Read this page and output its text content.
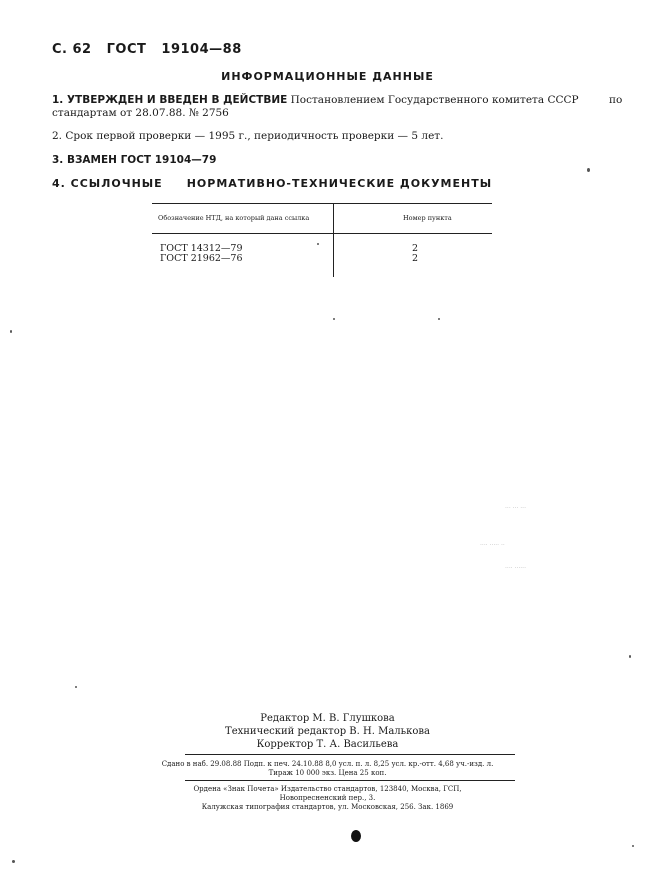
С. 62 ГОСТ 19104—88
ИНФОРМАЦИОННЫЕ ДАННЫЕ
1. УТВЕРЖДЕН И ВВЕДЕН В ДЕЙСТВИЕ Постановлением Государственного комитета СССР	по
стандартам от 28.07.88. № 2756
2. Срок первой проверки — 1995 г., периодичность проверки — 5 лет.
3. ВЗАМЕН ГОСТ 19104—79
4. ССЫЛОЧНЫЕ НОРМАТИВНО-ТЕХНИЧЕСКИЕ ДОКУМЕНТЫ
Обозначение НТД, на который дана ссылка	Номер пункта
ГОСТ 14312—79	2
ГОСТ 21962—76	2
··· ··· ···
···· ····· ··
···· ······
Редактор М. В. Глушкова
Технический редактор В. Н. Малькова
Корректор Т. А. Васильева
Сдано в наб. 29.08.88 Подп. к печ. 24.10.88 8,0 усл. п. л. 8,25 усл. кр.-отт. 4,68 уч.-изд. л.
Тираж 10 000 экз. Цена 25 коп.
Ордена «Знак Почета» Издательство стандартов, 123840, Москва, ГСП,
Новопресненский пер., 3.
Калужская типография стандартов, ул. Московская, 256. Зак. 1869
